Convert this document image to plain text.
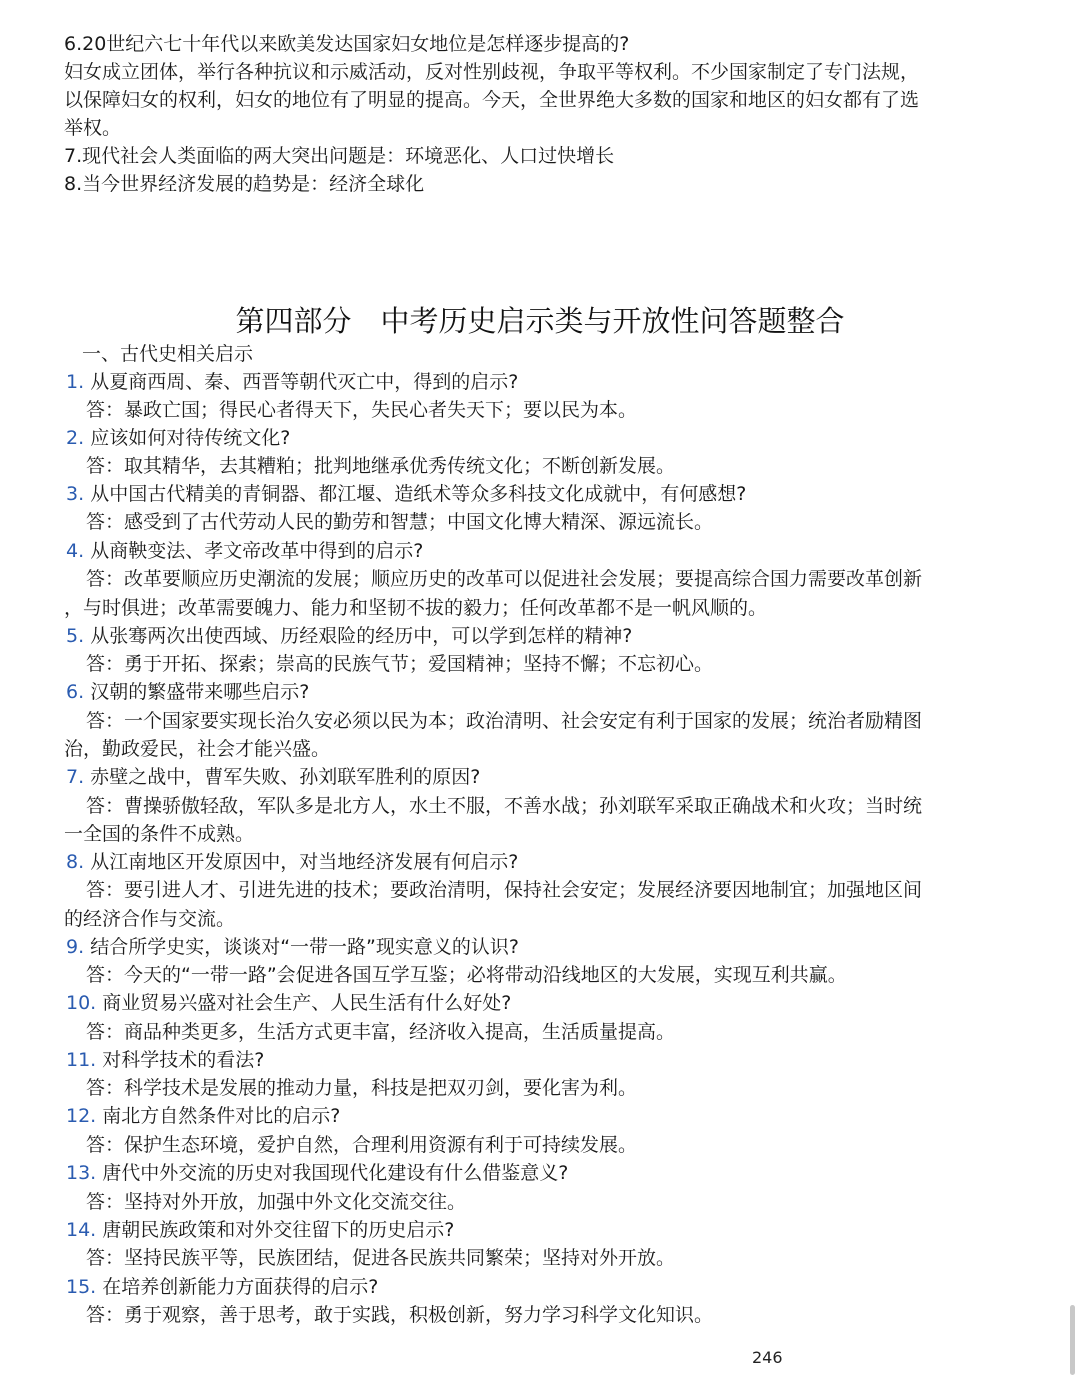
6.20世纪六七十年代以来欧美发达国家妇女地位是怎样逐步提高的?

妇女成立团体，举行各种抗议和示威活动，反对性别歧视，争取平等权利。不少国家制定了专门法规，

以保障妇女的权利，妇女的地位有了明显的提高。今天，全世界绝大多数的国家和地区的妇女都有了选

举权。

7.现代社会人类面临的两大突出问题是：环境恶化、人口过快增长

8.当今世界经济发展的趋势是：经济全球化

第四部分　中考历史启示类与开放性问答题整合

一、古代史相关启示

1. 从夏商西周、秦、西晋等朝代灭亡中，得到的启示?

答：暴政亡国；得民心者得天下，失民心者失天下；要以民为本。

2. 应该如何对待传统文化?

答：取其精华，去其糟粕；批判地继承优秀传统文化；不断创新发展。

3. 从中国古代精美的青铜器、都江堰、造纸术等众多科技文化成就中，有何感想?

答：感受到了古代劳动人民的勤劳和智慧；中国文化博大精深、源远流长。

4. 从商鞅变法、孝文帝改革中得到的启示?

答：改革要顺应历史潮流的发展；顺应历史的改革可以促进社会发展；要提高综合国力需要改革创新

，与时俱进；改革需要魄力、能力和坚韧不拔的毅力；任何改革都不是一帆风顺的。

5. 从张骞两次出使西域、历经艰险的经历中，可以学到怎样的精神?

答：勇于开拓、探索；崇高的民族气节；爱国精神；坚持不懈；不忘初心。

6. 汉朝的繁盛带来哪些启示?

答：一个国家要实现长治久安必须以民为本；政治清明、社会安定有利于国家的发展；统治者励精图

治，勤政爱民，社会才能兴盛。

7. 赤壁之战中，曹军失败、孙刘联军胜利的原因?

答：曹操骄傲轻敌，军队多是北方人，水土不服，不善水战；孙刘联军采取正确战术和火攻；当时统

一全国的条件不成熟。

8. 从江南地区开发原因中，对当地经济发展有何启示?

答：要引进人才、引进先进的技术；要政治清明，保持社会安定；发展经济要因地制宜；加强地区间

的经济合作与交流。

9. 结合所学史实，谈谈对“一带一路”现实意义的认识?

答：今天的“一带一路”会促进各国互学互鉴；必将带动沿线地区的大发展，实现互利共赢。

10. 商业贸易兴盛对社会生产、人民生活有什么好处?

答：商品种类更多，生活方式更丰富，经济收入提高，生活质量提高。

11. 对科学技术的看法?

答：科学技术是发展的推动力量，科技是把双刃剑，要化害为利。

12. 南北方自然条件对比的启示?

答：保护生态环境，爱护自然，合理利用资源有利于可持续发展。

13. 唐代中外交流的历史对我国现代化建设有什么借鉴意义?

答：坚持对外开放，加强中外文化交流交往。

14. 唐朝民族政策和对外交往留下的历史启示?

答：坚持民族平等，民族团结，促进各民族共同繁荣；坚持对外开放。

15. 在培养创新能力方面获得的启示?

答：勇于观察，善于思考，敢于实践，积极创新，努力学习科学文化知识。

246
